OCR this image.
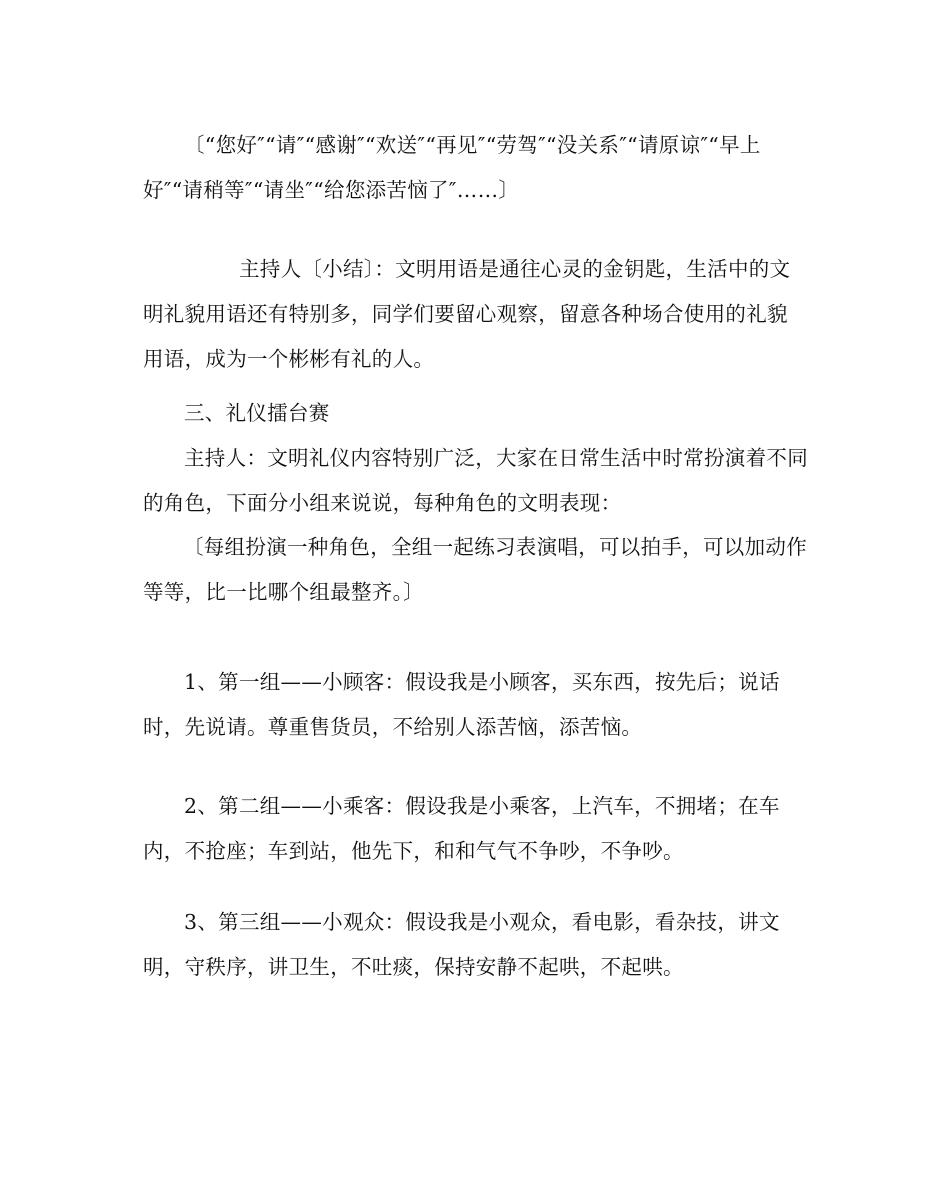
〔“您好″“请″“感谢″“欢送″“再见″“劳驾″“没关系″“请原谅″“早上好″“请稍等″“请坐″“给您添苦恼了″……〕

主持人〔小结〕：文明用语是通往心灵的金钥匙，生活中的文明礼貌用语还有特别多，同学们要留心观察，留意各种场合使用的礼貌用语，成为一个彬彬有礼的人。

三、礼仪擂台赛

主持人：文明礼仪内容特别广泛，大家在日常生活中时常扮演着不同的角色，下面分小组来说说，每种角色的文明表现：

〔每组扮演一种角色，全组一起练习表演唱，可以拍手，可以加动作等等，比一比哪个组最整齐。〕

1、第一组——小顾客：假设我是小顾客，买东西，按先后；说话时，先说请。尊重售货员，不给别人添苦恼，添苦恼。

2、第二组——小乘客：假设我是小乘客，上汽车，不拥堵；在车内，不抢座；车到站，他先下，和和气气不争吵，不争吵。

3、第三组——小观众：假设我是小观众，看电影，看杂技，讲文明，守秩序，讲卫生，不吐痰，保持安静不起哄，不起哄。
